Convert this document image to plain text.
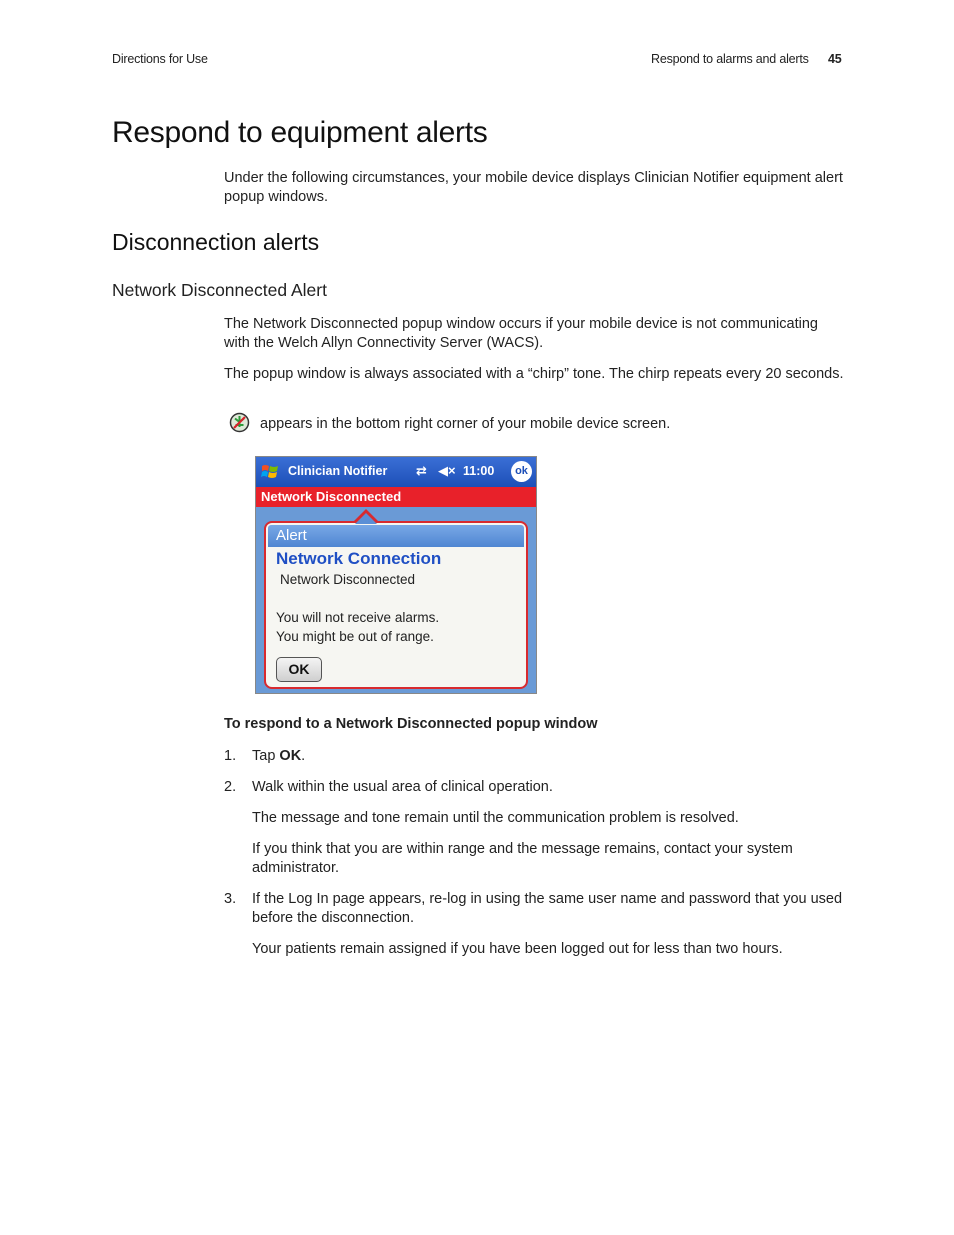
Directions for Use	Respond to alarms and alerts 45
Respond to equipment alerts

Under the following circumstances, your mobile device displays Clinician Notifier equipment alert popup windows.

Disconnection alerts
Network Disconnected Alert

The Network Disconnected popup window occurs if your mobile device is not communicating with the Welch Allyn Connectivity Server (WACS).

The popup window is always associated with a “chirp” tone. The chirp repeats every 20 seconds.

appears in the bottom right corner of your mobile device screen.

Clinician Notifier ⇄ ◀× 11:00	ok
Network Disconnected
Alert
Network Connection
Network Disconnected
You will not receive alarms.
You might be out of range.
OK

To respond to a Network Disconnected popup window

1. Tap OK.

2. Walk within the usual area of clinical operation.

The message and tone remain until the communication problem is resolved.

If you think that you are within range and the message remains, contact your system administrator.

3. If the Log In page appears, re-log in using the same user name and password that you used before the disconnection.

Your patients remain assigned if you have been logged out for less than two hours.
